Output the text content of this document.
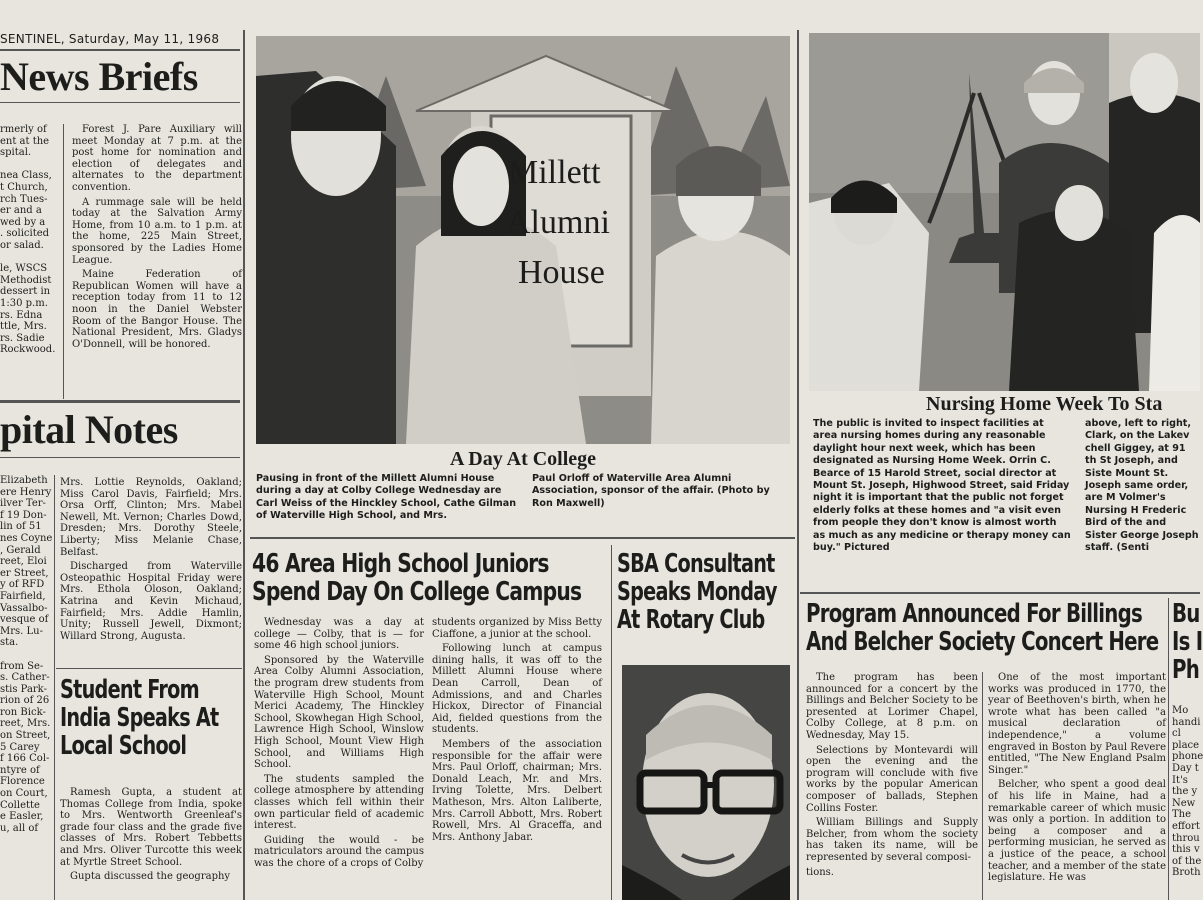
SENTINEL, Saturday, May 11, 1968
News Briefs
rmerly of
ent at the
spital.
nea Class,
t Church,
rch Tues-
er and a
wed by a
. solicited
or salad.
le, WSCS
Methodist
dessert in
1:30 p.m.
rs. Edna
ttle, Mrs.
rs. Sadie
Rockwood.

Forest J. Pare Auxiliary will meet Monday at 7 p.m. at the post home for nomination and election of delegates and alternates to the department convention.

A rummage sale will be held today at the Salvation Army Home, from 10 a.m. to 1 p.m. at the home, 225 Main Street, sponsored by the Ladies Home League.

Maine Federation of Republican Women will have a reception today from 11 to 12 noon in the Daniel Webster Room of the Bangor House. The National President, Mrs. Gladys O'Donnell, will be honored.

pital Notes
Elizabeth
ere Henry
ilver Ter-
f 19 Don-
lin of 51
nes Coyne
, Gerald
reet, Eloi
er Street,
y of RFD
Fairfield,
Vassalbo-
vesque of
Mrs. Lu-
sta.
from Se-
s. Cather-
stis Park-
rion of 26
ron Bick-
reet, Mrs.
on Street,
5 Carey
f 166 Col-
ntyre of
Florence
on Court,
Collette
e Easler,
u, all of

Mrs. Lottie Reynolds, Oakland; Miss Carol Davis, Fairfield; Mrs. Orsa Orff, Clinton; Mrs. Mabel Newell, Mt. Vernon; Charles Dowd, Dresden; Mrs. Dorothy Steele, Liberty; Miss Melanie Chase, Belfast.

Discharged from Waterville Osteopathic Hospital Friday were Mrs. Ethola Oloson, Oakland; Katrina and Kevin Michaud, Fairfield; Mrs. Addie Hamlin, Unity; Russell Jewell, Dixmont; Willard Strong, Augusta.

Student From
India Speaks At
Local School

Ramesh Gupta, a student at Thomas College from India, spoke to Mrs. Wentworth Greenleaf's grade four class and the grade five classes of Mrs. Robert Tebbetts and Mrs. Oliver Turcotte this week at Myrtle Street School.

Gupta discussed the geography

Millett
Alumni
House
A Day At College
Pausing in front of the Millett Alumni House during a day at Colby College Wednesday are Carl Weiss of the Hinckley School, Cathe Gilman of Waterville High School, and Mrs.
Paul Orloff of Waterville Area Alumni Association, sponsor of the affair. (Photo by Ron Maxwell)
46 Area High School Juniors
Spend Day On College Campus

Wednesday was a day at college — Colby, that is — for some 46 high school juniors.

Sponsored by the Waterville Area Colby Alumni Association, the program drew students from Waterville High School, Mount Merici Academy, The Hinckley School, Skowhegan High School, Lawrence High School, Winslow High School, Mount View High School, and Williams High School.

The students sampled the college atmosphere by attending classes which fell within their own particular field of academic interest.

Guiding the would - be matriculators around the campus was the chore of a crops of Colby

students organized by Miss Betty Ciaffone, a junior at the school.

Following lunch at campus dining halls, it was off to the Millett Alumni House where Dean Carroll, Dean of Admissions, and and Charles Hickox, Director of Financial Aid, fielded questions from the students.

Members of the association responsible for the affair were Mrs. Paul Orloff, chairman; Mrs. Donald Leach, Mr. and Mrs. Irving Tolette, Mrs. Delbert Matheson, Mrs. Alton Laliberte, Mrs. Carroll Abbott, Mrs. Robert Rowell, Mrs. Al Graceffa, and Mrs. Anthony Jabar.

SBA Consultant
Speaks Monday
At Rotary Club
Nursing Home Week To Sta
The public is invited to inspect facilities at area nursing homes during any reasonable daylight hour next week, which has been designated as Nursing Home Week. Orrin C. Bearce of 15 Harold Street, social director at Mount St. Joseph, Highwood Street, said Friday night it is important that the public not forget elderly folks at these homes and "a visit even from people they don't know is almost worth as much as any medicine or therapy money can buy." Pictured
above, left to right, Clark, on the Lakev chell Giggey, at 91 th St Joseph, and Siste Mount St. Joseph same order, are M Volmer's Nursing H Frederic Bird of the and Sister George Joseph staff. (Senti
Program Announced For Billings
And Belcher Society Concert Here

The program has been announced for a concert by the Billings and Belcher Society to be presented at Lorimer Chapel, Colby College, at 8 p.m. on Wednesday, May 15.

Selections by Montevardi will open the evening and the program will conclude with five works by the popular American composer of ballads, Stephen Collins Foster.

William Billings and Supply Belcher, from whom the society has taken its name, will be represented by several composi-

tions.

One of the most important works was produced in 1770, the year of Beethoven's birth, when he wrote what has been called "a musical declaration of independence," a volume engraved in Boston by Paul Revere entitled, "The New England Psalm Singer."

Belcher, who spent a good deal of his life in Maine, had a remarkable career of which music was only a portion. In addition to being a composer and a performing musician, he served as a justice of the peace, a school teacher, and a member of the state legislature. He was

Bu
Is I
Ph
Mo
handi
cl
place
phone
Day t
It's
the y
New
The
effort
throu
this v
of the
Broth
